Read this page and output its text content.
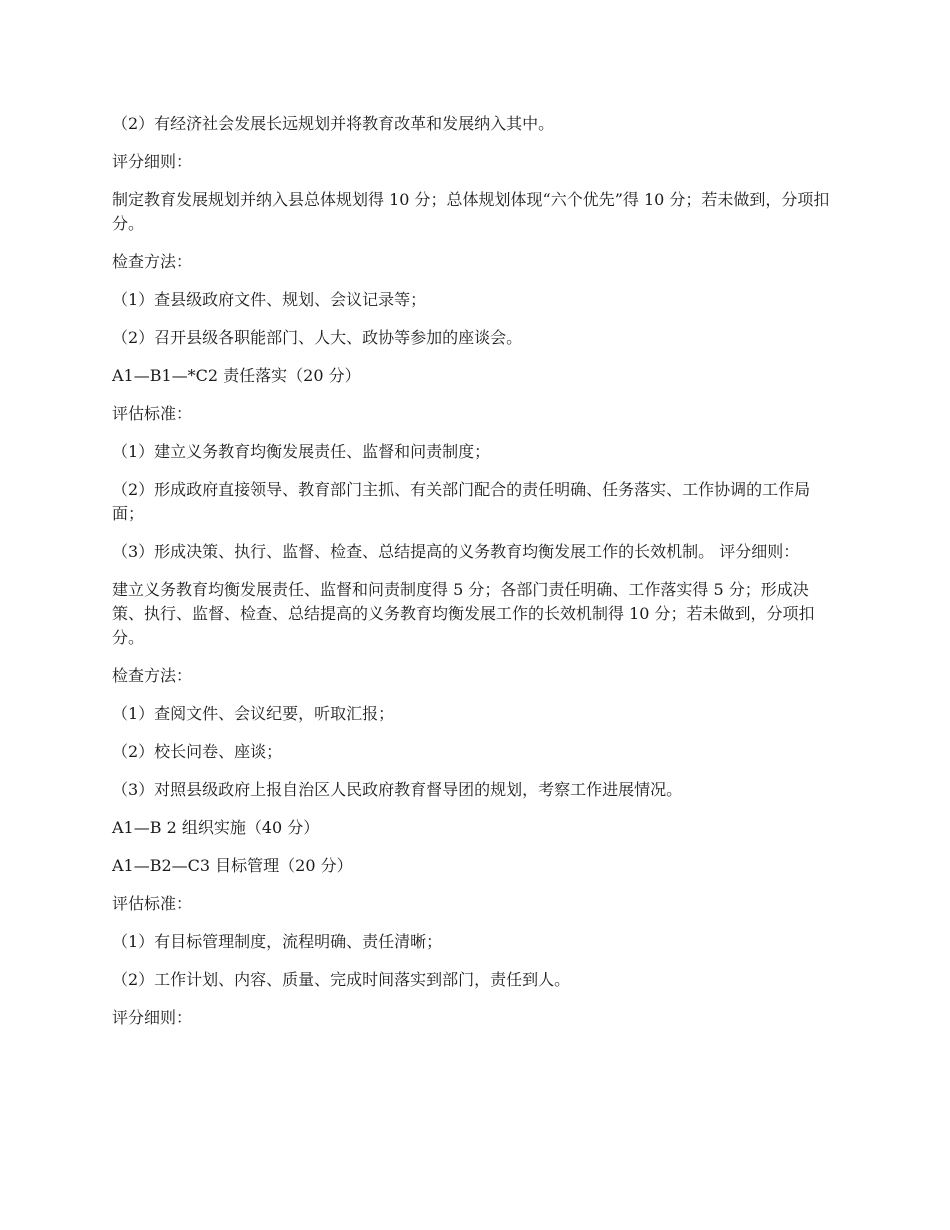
（2）有经济社会发展长远规划并将教育改革和发展纳入其中。

评分细则：

制定教育发展规划并纳入县总体规划得 10 分；总体规划体现“六个优先”得 10 分；若未做到，分项扣分。

检查方法：

（1）查县级政府文件、规划、会议记录等；

（2）召开县级各职能部门、人大、政协等参加的座谈会。

A1—B1—*C2 责任落实（20 分）

评估标准：

（1）建立义务教育均衡发展责任、监督和问责制度；

（2）形成政府直接领导、教育部门主抓、有关部门配合的责任明确、任务落实、工作协调的工作局面；

（3）形成决策、执行、监督、检查、总结提高的义务教育均衡发展工作的长效机制。 评分细则：

建立义务教育均衡发展责任、监督和问责制度得 5 分；各部门责任明确、工作落实得 5 分；形成决策、执行、监督、检查、总结提高的义务教育均衡发展工作的长效机制得 10 分；若未做到，分项扣分。

检查方法：

（1）查阅文件、会议纪要，听取汇报；

（2）校长问卷、座谈；

（3）对照县级政府上报自治区人民政府教育督导团的规划，考察工作进展情况。

A1—B 2 组织实施（40 分）

A1—B2—C3 目标管理（20 分）

评估标准：

（1）有目标管理制度，流程明确、责任清晰；

（2）工作计划、内容、质量、完成时间落实到部门，责任到人。

评分细则：
